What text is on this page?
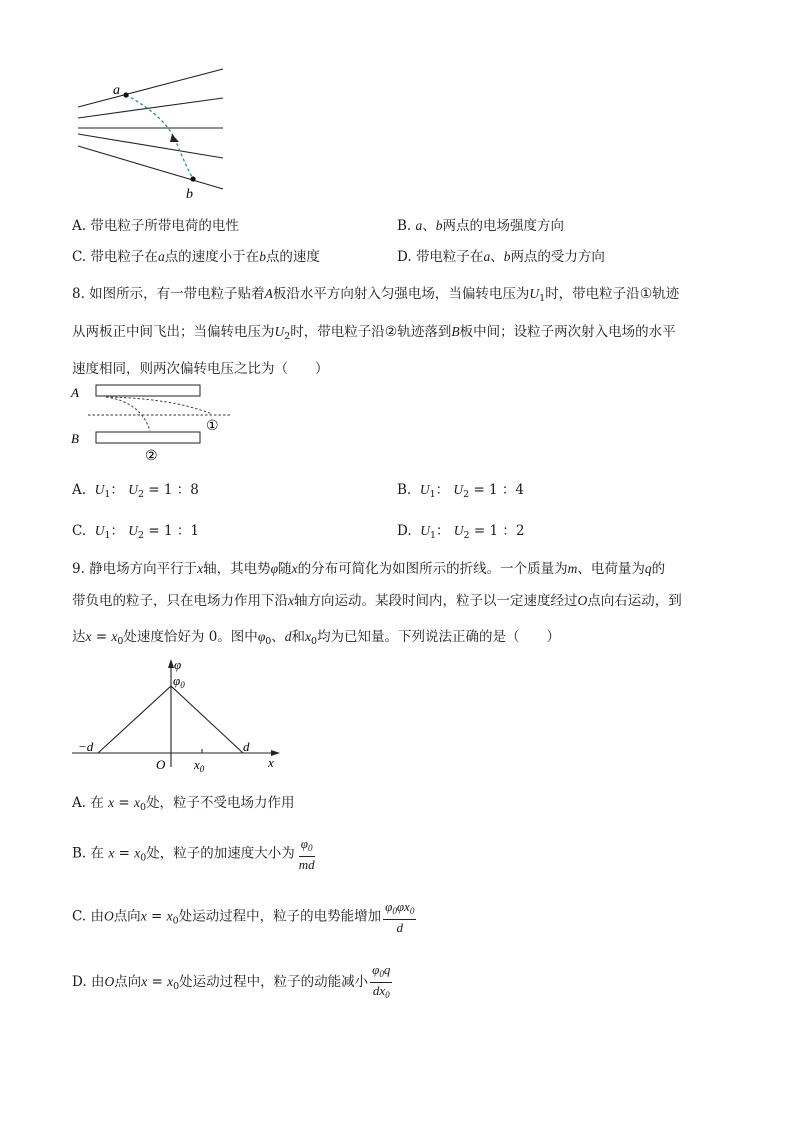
a
b
A. 带电粒子所带电荷的电性	B. a、b两点的电场强度方向
C. 带电粒子在a点的速度小于在b点的速度	D. 带电粒子在a、b两点的受力方向
8. 如图所示，有一带电粒子贴着A板沿水平方向射入匀强电场，当偏转电压为$U_1$时，带电粒子沿①轨迹
从两板正中间飞出；当偏转电压为$U_2$时，带电粒子沿②轨迹落到B板中间；设粒子两次射入电场的水平
速度相同，则两次偏转电压之比为（　　）
A
B
①
②
A. $U_1$： $U_2 = 1$ ：8	B. $U_1$： $U_2 = 1$ ：4
C. $U_1$： $U_2 = 1$ ：1	D. $U_1$： $U_2 = 1$ ：2
9. 静电场方向平行于x轴，其电势φ随x的分布可简化为如图所示的折线。一个质量为m、电荷量为q的
带负电的粒子，只在电场力作用下沿x轴方向运动。某段时间内，粒子以一定速度经过O点向右运动，到
达$x = x_0$处速度恰好为 0。图中$\varphi_0$、d和$x_0$均为已知量。下列说法正确的是（　　）
φ
$\varphi_0$
−d	d
O $x_0$	x
A. 在 $x = x_0$处，粒子不受电场力作用
B. 在 $x = x_0$处，粒子的加速度大小为 $\frac{\varphi_0}{md}$
C. 由O点向$x = x_0$处运动过程中，粒子的电势能增加 $\frac{\varphi_0\varphi x_0}{d}$
D. 由O点向$x = x_0$处运动过程中，粒子的动能减小 $\frac{\varphi_0q}{dx_0}$
